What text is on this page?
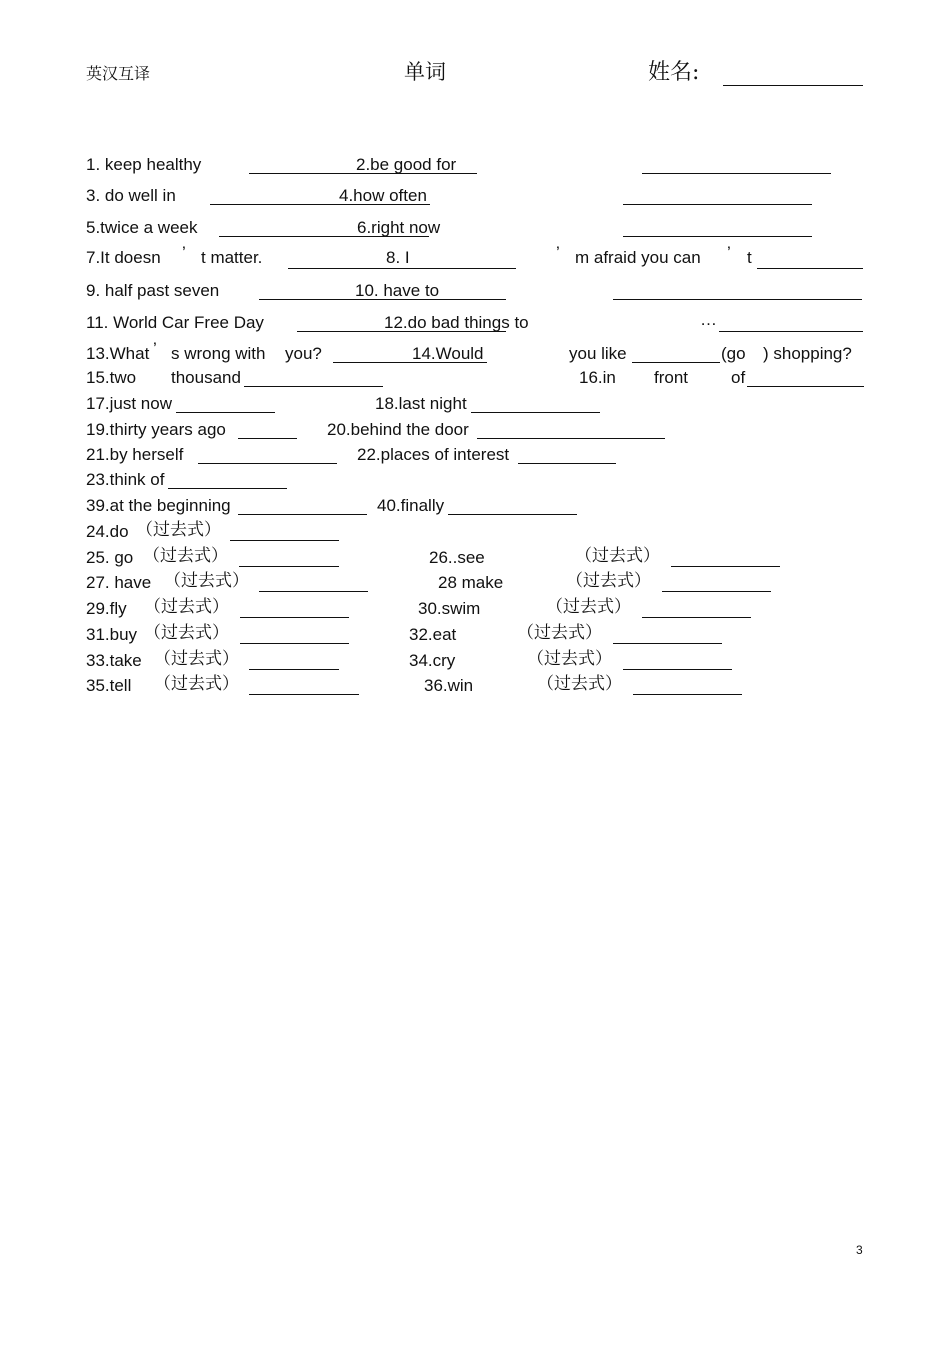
英汉互译	单词	姓名:
1. keep healthy	2.be good for
3. do well in	4.how often
5.twice a week	6.right now
7.It doesn ’ t matter.	8. I	’ m afraid you can ’ t
9. half past seven	10. have to
11. World Car Free Day	12.do bad things to	…
13.What ’ s wrong with you?	14.Would	you like	(go ) shopping?
15.two thousand	16.in front	of
17.just now	18.last night
19.thirty years ago	20.behind the door
21.by herself	22.places of interest
23.think of
39.at the beginning	40.finally
24.do （过去式）
25. go （过去式）	26..see	（过去式）
27. have （过去式）	28 make	（过去式）
29.fly （过去式）	30.swim	（过去式）
31.buy （过去式）	32.eat	（过去式）
33.take （过去式）	34.cry	（过去式）
35.tell （过去式）	36.win	（过去式）
3
